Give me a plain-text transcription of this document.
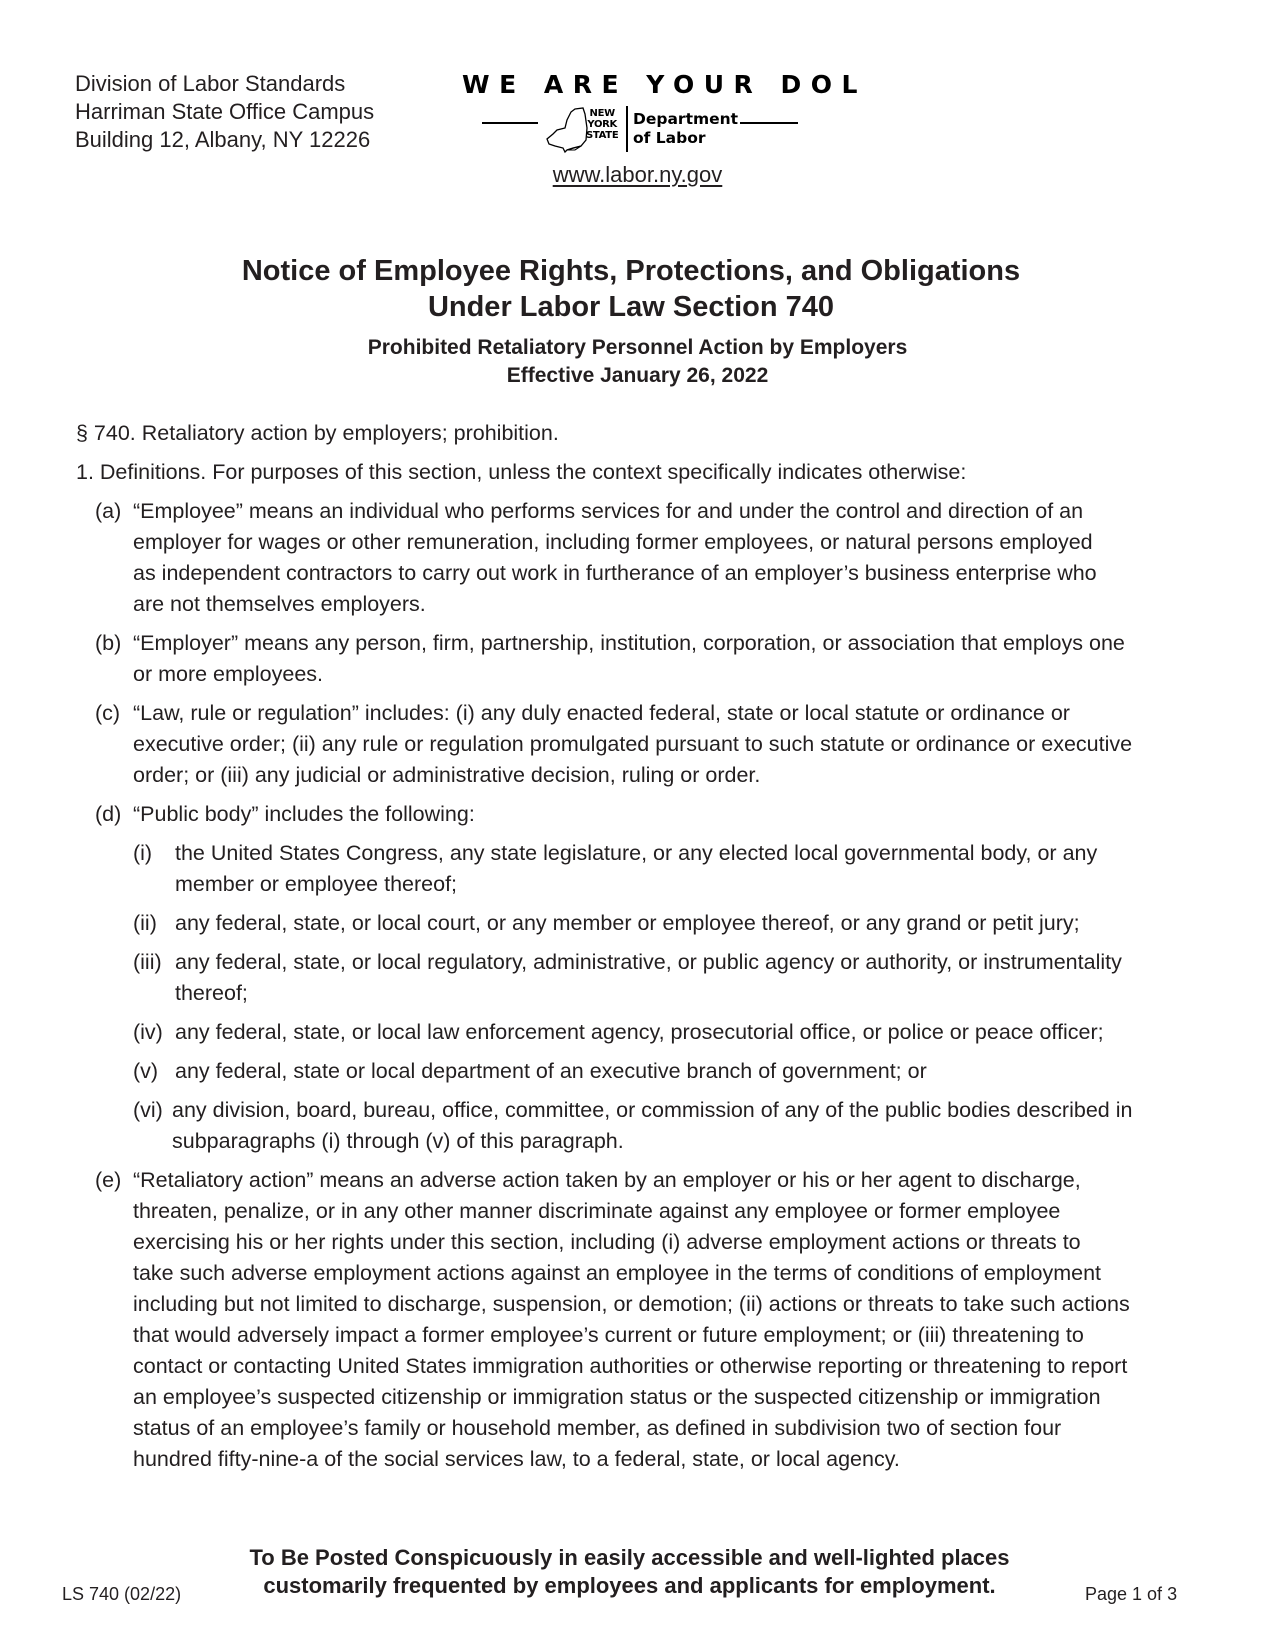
Division of Labor Standards
Harriman State Office Campus
Building 12, Albany, NY 12226
WE ARE YOUR DOL
NEW
YORK
STATE
Department
of Labor
www.labor.ny.gov
Notice of Employee Rights, Protections, and Obligations
Under Labor Law Section 740
Prohibited Retaliatory Personnel Action by Employers
Effective January 26, 2022
§ 740. Retaliatory action by employers; prohibition.
1. Definitions. For purposes of this section, unless the context specifically indicates otherwise:
(a) “Employee” means an individual who performs services for and under the control and direction of an
employer for wages or other remuneration, including former employees, or natural persons employed
as independent contractors to carry out work in furtherance of an employer’s business enterprise who
are not themselves employers.
(b) “Employer” means any person, firm, partnership, institution, corporation, or association that employs one
or more employees.
(c) “Law, rule or regulation” includes: (i) any duly enacted federal, state or local statute or ordinance or
executive order; (ii) any rule or regulation promulgated pursuant to such statute or ordinance or executive
order; or (iii) any judicial or administrative decision, ruling or order.
(d) “Public body” includes the following:
(i) the United States Congress, any state legislature, or any elected local governmental body, or any
member or employee thereof;
(ii) any federal, state, or local court, or any member or employee thereof, or any grand or petit jury;
(iii) any federal, state, or local regulatory, administrative, or public agency or authority, or instrumentality
thereof;
(iv) any federal, state, or local law enforcement agency, prosecutorial office, or police or peace officer;
(v) any federal, state or local department of an executive branch of government; or
(vi) any division, board, bureau, office, committee, or commission of any of the public bodies described in
subparagraphs (i) through (v) of this paragraph.
(e) “Retaliatory action” means an adverse action taken by an employer or his or her agent to discharge,
threaten, penalize, or in any other manner discriminate against any employee or former employee
exercising his or her rights under this section, including (i) adverse employment actions or threats to
take such adverse employment actions against an employee in the terms of conditions of employment
including but not limited to discharge, suspension, or demotion; (ii) actions or threats to take such actions
that would adversely impact a former employee’s current or future employment; or (iii) threatening to
contact or contacting United States immigration authorities or otherwise reporting or threatening to report
an employee’s suspected citizenship or immigration status or the suspected citizenship or immigration
status of an employee’s family or household member, as defined in subdivision two of section four
hundred fifty-nine-a of the social services law, to a federal, state, or local agency.
To Be Posted Conspicuously in easily accessible and well-lighted places
customarily frequented by employees and applicants for employment.
LS 740 (02/22)	Page 1 of 3
